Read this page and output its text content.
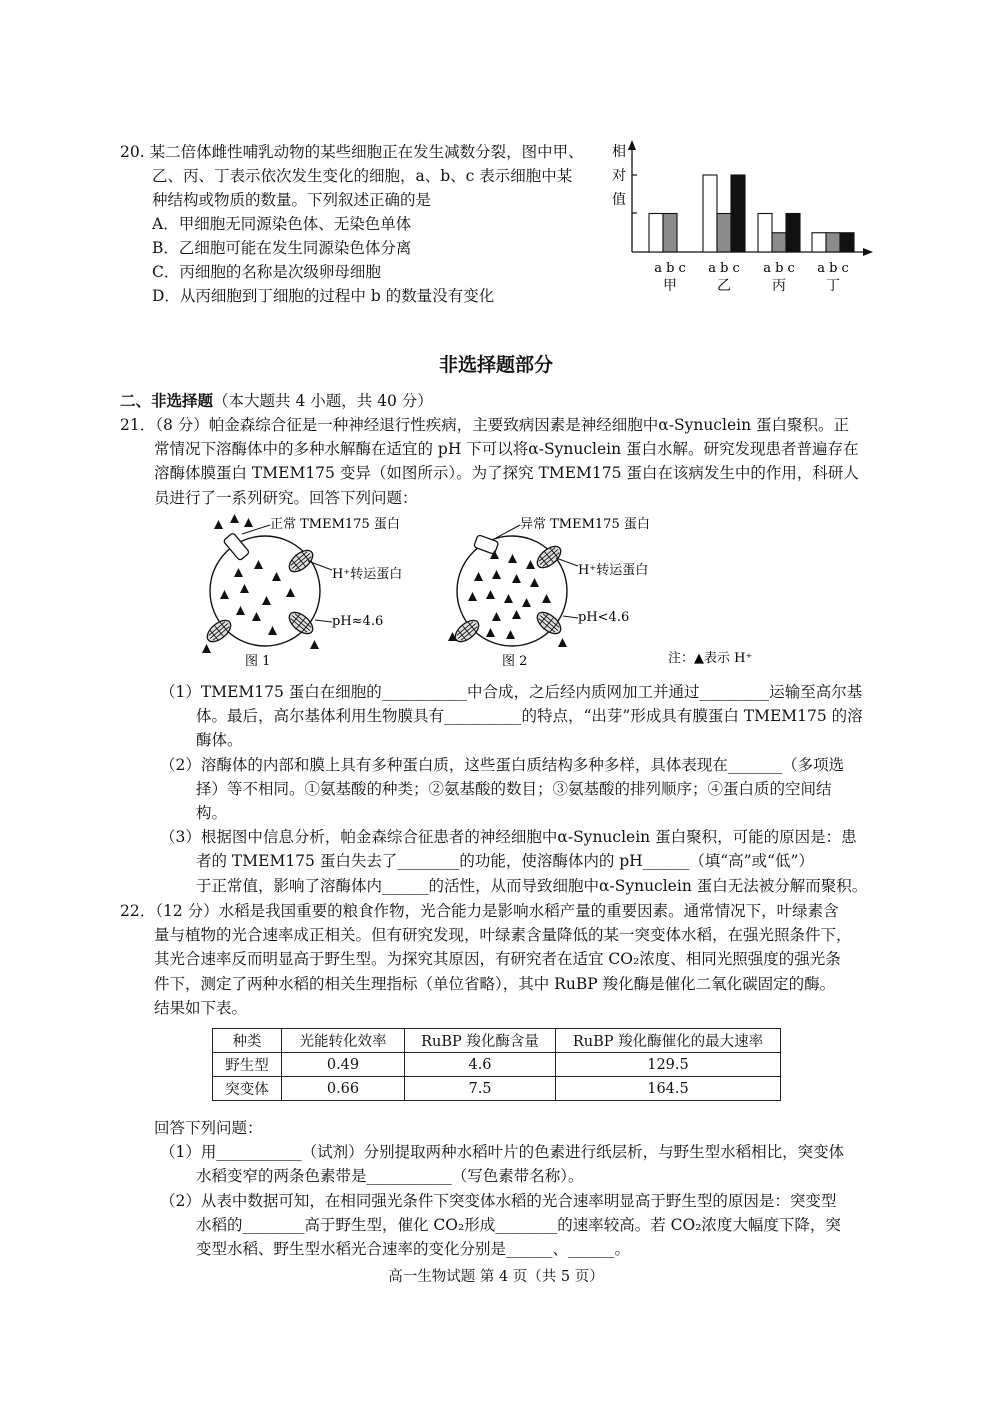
20. 某二倍体雌性哺乳动物的某些细胞正在发生减数分裂，图中甲、

乙、丙、丁表示依次发生变化的细胞，a、b、c 表示细胞中某

种结构或物质的数量。下列叙述正确的是

A．甲细胞无同源染色体、无染色单体

B．乙细胞可能在发生同源染色体分离

C．丙细胞的名称是次级卵母细胞

D．从丙细胞到丁细胞的过程中 b 的数量没有变化

相
对
值
a b c
甲
a b c
乙
a b c
丙
a b c
丁
非选择题部分

二、非选择题（本大题共 4 小题，共 40 分）

21．（8 分）帕金森综合征是一种神经退行性疾病，主要致病因素是神经细胞中α-Synuclein 蛋白聚积。正

常情况下溶酶体中的多种水解酶在适宜的 pH 下可以将α-Synuclein 蛋白水解。研究发现患者普遍存在

溶酶体膜蛋白 TMEM175 变异（如图所示）。为了探究 TMEM175 蛋白在该病发生中的作用，科研人

员进行了一系列研究。回答下列问题：

正常 TMEM175 蛋白
H⁺转运蛋白
pH≈4.6
图 1
异常 TMEM175 蛋白
H⁺转运蛋白
pH<4.6
图 2	注：▲表示 H⁺

（1）TMEM175 蛋白在细胞的___________中合成，之后经内质网加工并通过_________运输至高尔基

体。最后，高尔基体利用生物膜具有__________的特点，“出芽”形成具有膜蛋白 TMEM175 的溶

酶体。

（2）溶酶体的内部和膜上具有多种蛋白质，这些蛋白质结构多种多样，具体表现在_______（多项选

择）等不相同。①氨基酸的种类；②氨基酸的数目；③氨基酸的排列顺序；④蛋白质的空间结

构。

（3）根据图中信息分析，帕金森综合征患者的神经细胞中α-Synuclein 蛋白聚积，可能的原因是：患

者的 TMEM175 蛋白失去了________的功能，使溶酶体内的 pH______（填“高”或“低”）

于正常值，影响了溶酶体内______的活性，从而导致细胞中α-Synuclein 蛋白无法被分解而聚积。

22．（12 分）水稻是我国重要的粮食作物，光合能力是影响水稻产量的重要因素。通常情况下，叶绿素含

量与植物的光合速率成正相关。但有研究发现，叶绿素含量降低的某一突变体水稻，在强光照条件下，

其光合速率反而明显高于野生型。为探究其原因，有研究者在适宜 CO₂浓度、相同光照强度的强光条

件下，测定了两种水稻的相关生理指标（单位省略），其中 RuBP 羧化酶是催化二氧化碳固定的酶。

结果如下表。

种类	光能转化效率	RuBP 羧化酶含量	RuBP 羧化酶催化的最大速率
野生型	0.49	4.6	129.5
突变体	0.66	7.5	164.5

回答下列问题：

（1）用___________（试剂）分别提取两种水稻叶片的色素进行纸层析，与野生型水稻相比，突变体

水稻变窄的两条色素带是___________（写色素带名称）。

（2）从表中数据可知，在相同强光条件下突变体水稻的光合速率明显高于野生型的原因是：突变型

水稻的________高于野生型，催化 CO₂形成________的速率较高。若 CO₂浓度大幅度下降，突

变型水稻、野生型水稻光合速率的变化分别是______、______。

高一生物试题 第 4 页（共 5 页）
